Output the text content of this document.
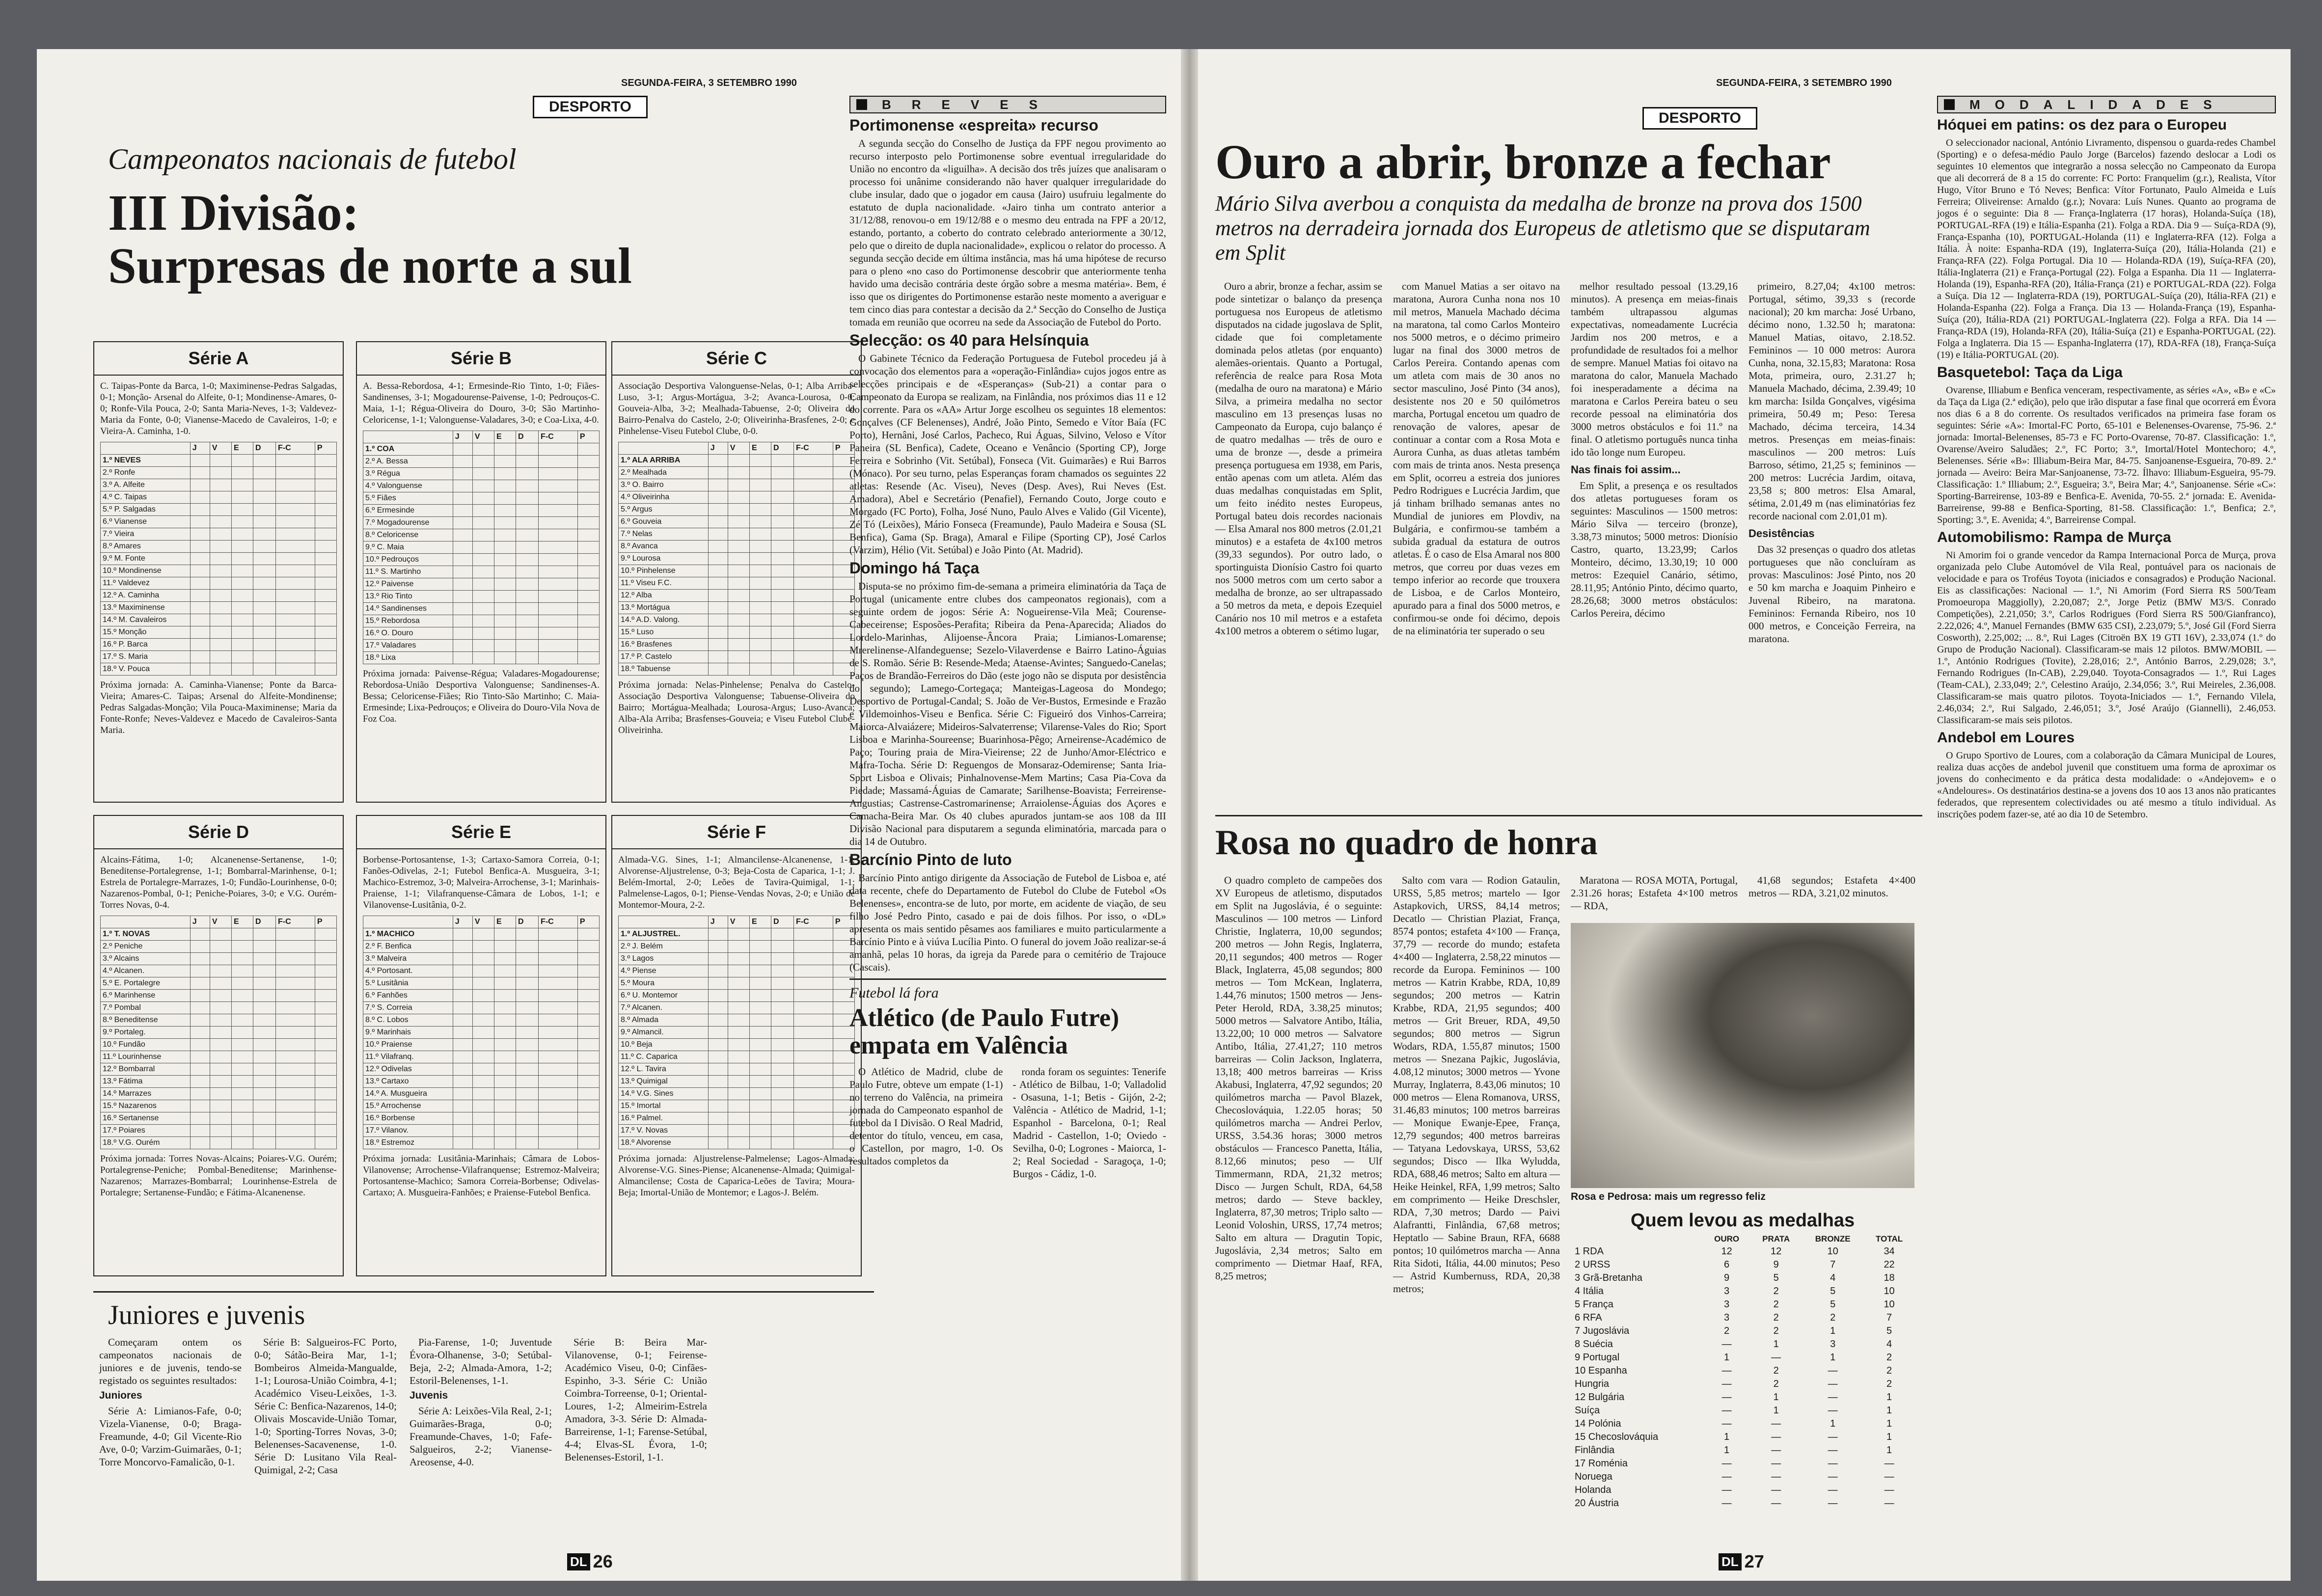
SEGUNDA-FEIRA, 3 SETEMBRO 1990
DESPORTO
Campeonatos nacionais de futebol
III Divisão:
Surpresas de norte a sul
Série A

C. Taipas-Ponte da Barca, 1-0; Maximinense-Pedras Salgadas, 0-1; Monção- Arsenal do Alfeite, 0-1; Mondinense-Amares, 0-0; Ronfe-Vila Pouca, 2-0; Santa Maria-Neves, 1-3; Valdevez-Maria da Fonte, 0-0; Vianense-Macedo de Cavaleiros, 1-0; e Vieira-A. Caminha, 1-0.

	J	V	E	D	F-C	P
1.º NEVES						
2.º Ronfe						
3.º A. Alfeite						
4.º C. Taipas						
5.º P. Salgadas						
6.º Vianense						
7.º Vieira						
8.º Amares						
9.º M. Fonte						
10.º Mondinense						
11.º Valdevez						
12.º A. Caminha						
13.º Maximinense						
14.º M. Cavaleiros						
15.º Monção						
16.º P. Barca						
17.º S. Maria						
18.º V. Pouca						

Próxima jornada: A. Caminha-Vianense; Ponte da Barca-Vieira; Amares-C. Taipas; Arsenal do Alfeite-Mondinense; Pedras Salgadas-Monção; Vila Pouca-Maximinense; Maria da Fonte-Ronfe; Neves-Valdevez e Macedo de Cavaleiros-Santa Maria.

Série B

A. Bessa-Rebordosa, 4-1; Ermesinde-Rio Tinto, 1-0; Fiães-Sandinenses, 3-1; Mogadourense-Paivense, 1-0; Pedrouços-C. Maia, 1-1; Régua-Oliveira do Douro, 3-0; São Martinho-Celoricense, 1-1; Valonguense-Valadares, 3-0; e Coa-Lixa, 4-0.

	J	V	E	D	F-C	P
1.º COA						
2.º A. Bessa						
3.º Régua						
4.º Valonguense						
5.º Fiães						
6.º Ermesinde						
7.º Mogadourense						
8.º Celoricense						
9.º C. Maia						
10.º Pedrouços						
11.º S. Martinho						
12.º Paivense						
13.º Rio Tinto						
14.º Sandinenses						
15.º Rebordosa						
16.º O. Douro						
17.º Valadares						
18.º Lixa						

Próxima jornada: Paivense-Régua; Valadares-Mogadourense; Rebordosa-União Desportiva Valonguense; Sandinenses-A. Bessa; Celoricense-Fiães; Rio Tinto-São Martinho; C. Maia-Ermesinde; Lixa-Pedrouços; e Oliveira do Douro-Vila Nova de Foz Coa.

Série C

Associação Desportiva Valonguense-Nelas, 0-1; Alba Arriba-Luso, 3-1; Argus-Mortágua, 3-2; Avanca-Lourosa, 0-0; Gouveia-Alba, 3-2; Mealhada-Tabuense, 2-0; Oliveira do Bairro-Penalva do Castelo, 2-0; Oliveirinha-Brasfenes, 2-0; e Pinhelense-Viseu Futebol Clube, 0-0.

	J	V	E	D	F-C	P
1.º ALA ARRIBA						
2.º Mealhada						
3.º O. Bairro						
4.º Oliveirinha						
5.º Argus						
6.º Gouveia						
7.º Nelas						
8.º Avanca						
9.º Lourosa						
10.º Pinhelense						
11.º Viseu F.C.						
12.º Alba						
13.º Mortágua						
14.º A.D. Valong.						
15.º Luso						
16.º Brasfenes						
17.º P. Castelo						
18.º Tabuense						

Próxima jornada: Nelas-Pinhelense; Penalva do Castelo-Associação Desportiva Valonguense; Tabuense-Oliveira do Bairro; Mortágua-Mealhada; Lourosa-Argus; Luso-Avanca; Alba-Ala Arriba; Brasfenses-Gouveia; e Viseu Futebol Clube-Oliveirinha.

Série D

Alcains-Fátima, 1-0; Alcanenense-Sertanense, 1-0; Beneditense-Portalegrense, 1-1; Bombarral-Marinhense, 0-1; Estrela de Portalegre-Marrazes, 1-0; Fundão-Lourinhense, 0-0; Nazarenos-Pombal, 0-1; Peniche-Poiares, 3-0; e V.G. Ourém-Torres Novas, 0-4.

	J	V	E	D	F-C	P
1.º T. NOVAS						
2.º Peniche						
3.º Alcains						
4.º Alcanen.						
5.º E. Portalegre						
6.º Marinhense						
7.º Pombal						
8.º Beneditense						
9.º Portaleg.						
10.º Fundão						
11.º Lourinhense						
12.º Bombarral						
13.º Fátima						
14.º Marrazes						
15.º Nazarenos						
16.º Sertanense						
17.º Poiares						
18.º V.G. Ourém						

Próxima jornada: Torres Novas-Alcains; Poiares-V.G. Ourém; Portalegrense-Peniche; Pombal-Beneditense; Marinhense-Nazarenos; Marrazes-Bombarral; Lourinhense-Estrela de Portalegre; Sertanense-Fundão; e Fátima-Alcanenense.

Série E

Borbense-Portosantense, 1-3; Cartaxo-Samora Correia, 0-1; Fanões-Odivelas, 2-1; Futebol Benfica-A. Musgueira, 3-1; Machico-Estremoz, 3-0; Malveira-Arrochense, 3-1; Marinhais-Praiense, 1-1; Vilafranquense-Câmara de Lobos, 1-1; e Vilanovense-Lusitânia, 0-2.

	J	V	E	D	F-C	P
1.º MACHICO						
2.º F. Benfica						
3.º Malveira						
4.º Portosant.						
5.º Lusitânia						
6.º Fanhões						
7.º S. Correia						
8.º C. Lobos						
9.º Marinhais						
10.º Praiense						
11.º Vilafranq.						
12.º Odivelas						
13.º Cartaxo						
14.º A. Musgueira						
15.º Arrochense						
16.º Borbense						
17.º Vilanov.						
18.º Estremoz						

Próxima jornada: Lusitânia-Marinhais; Câmara de Lobos-Vilanovense; Arrochense-Vilafranquense; Estremoz-Malveira; Portosantense-Machico; Samora Correia-Borbense; Odivelas-Cartaxo; A. Musgueira-Fanhões; e Praiense-Futebol Benfica.

Série F

Almada-V.G. Sines, 1-1; Almancilense-Alcanenense, 1-1; Alvorense-Aljustrelense, 0-3; Beja-Costa de Caparica, 1-1; J. Belém-Imortal, 2-0; Leões de Tavira-Quimigal, 1-1; Palmelense-Lagos, 0-1; Piense-Vendas Novas, 2-0; e União de Montemor-Moura, 2-2.

	J	V	E	D	F-C	P
1.º ALJUSTREL.						
2.º J. Belém						
3.º Lagos						
4.º Piense						
5.º Moura						
6.º U. Montemor						
7.º Alcanen.						
8.º Almada						
9.º Almancil.						
10.º Beja						
11.º C. Caparica						
12.º L. Tavira						
13.º Quimigal						
14.º V.G. Sines						
15.º Imortal						
16.º Palmel.						
17.º V. Novas						
18.º Alvorense						

Próxima jornada: Aljustrelense-Palmelense; Lagos-Almada; Alvorense-V.G. Sines-Piense; Alcanenense-Almada; Quimigal-Almancilense; Costa de Caparica-Leões de Tavira; Moura-Beja; Imortal-União de Montemor; e Lagos-J. Belém.

Juniores e juvenis

Começaram ontem os campeonatos nacionais de juniores e de juvenis, tendo-se registado os seguintes resultados:

Juniores

Série A: Limianos-Fafe, 0-0; Vizela-Vianense, 0-0; Braga-Freamunde, 4-0; Gil Vicente-Rio Ave, 0-0; Varzim-Guimarães, 0-1; Torre Moncorvo-Famalicão, 0-1.

Série B: Salgueiros-FC Porto, 0-0; Sátão-Beira Mar, 1-1; Bombeiros Almeida-Mangualde, 1-1; Lourosa-União Coimbra, 4-1; Académico Viseu-Leixões, 1-3. Série C: Benfica-Nazarenos, 14-0; Olivais Moscavide-União Tomar, 1-0; Sporting-Torres Novas, 3-0; Belenenses-Sacavenense, 1-0. Série D: Lusitano Vila Real-Quimigal, 2-2; Casa

Pia-Farense, 1-0; Juventude Évora-Olhanense, 3-0; Setúbal-Beja, 2-2; Almada-Amora, 1-2; Estoril-Belenenses, 1-1.

Juvenis

Série A: Leixões-Vila Real, 2-1; Guimarães-Braga, 0-0; Freamunde-Chaves, 1-0; Fafe-Salgueiros, 2-2; Vianense-Areosense, 4-0.

Série B: Beira Mar-Vilanovense, 0-1; Feirense-Académico Viseu, 0-0; Cinfães-Espinho, 3-3. Série C: União Coimbra-Torreense, 0-1; Oriental-Loures, 1-2; Almeirim-Estrela Amadora, 3-3. Série D: Almada-Barreirense, 1-1; Farense-Setúbal, 4-4; Elvas-SL Évora, 1-0; Belenenses-Estoril, 1-1.

BREVES
Portimonense «espreita» recurso

A segunda secção do Conselho de Justiça da FPF negou provimento ao recurso interposto pelo Portimonense sobre eventual irregularidade do União no encontro da «liguilha». A decisão dos três juízes que analisaram o processo foi unânime considerando não haver qualquer irregularidade do clube insular, dado que o jogador em causa (Jairo) usufruiu legalmente do estatuto de dupla nacionalidade. «Jairo tinha um contrato anterior a 31/12/88, renovou-o em 19/12/88 e o mesmo deu entrada na FPF a 20/12, estando, portanto, a coberto do contrato celebrado anteriormente a 30/12, pelo que o direito de dupla nacionalidade», explicou o relator do processo. A segunda secção decide em última instância, mas há uma hipótese de recurso para o pleno «no caso do Portimonense descobrir que anteriormente tenha havido uma decisão contrária deste órgão sobre a mesma matéria». Bem, é isso que os dirigentes do Portimonense estarão neste momento a averiguar e tem cinco dias para contestar a decisão da 2.ª Secção do Conselho de Justiça tomada em reunião que ocorreu na sede da Associação de Futebol do Porto.

Selecção: os 40 para Helsínquia

O Gabinete Técnico da Federação Portuguesa de Futebol procedeu já à convocação dos elementos para a «operação-Finlândia» cujos jogos entre as selecções principais e de «Esperanças» (Sub-21) a contar para o Campeonato da Europa se realizam, na Finlândia, nos próximos dias 11 e 12 do corrente. Para os «AA» Artur Jorge escolheu os seguintes 18 elementos: Gonçalves (CF Belenenses), André, João Pinto, Semedo e Vítor Baía (FC Porto), Hernâni, José Carlos, Pacheco, Rui Águas, Silvino, Veloso e Vítor Paneira (SL Benfica), Cadete, Oceano e Venâncio (Sporting CP), Jorge Ferreira e Sobrinho (Vit. Setúbal), Fonseca (Vit. Guimarães) e Rui Barros (Mónaco). Por seu turno, pelas Esperanças foram chamados os seguintes 22 atletas: Resende (Ac. Viseu), Neves (Desp. Aves), Rui Neves (Est. Amadora), Abel e Secretário (Penafiel), Fernando Couto, Jorge couto e Morgado (FC Porto), Folha, José Nuno, Paulo Alves e Valido (Gil Vicente), Zé Tó (Leixões), Mário Fonseca (Freamunde), Paulo Madeira e Sousa (SL Benfica), Gama (Sp. Braga), Amaral e Filipe (Sporting CP), José Carlos (Varzim), Hélio (Vit. Setúbal) e João Pinto (At. Madrid).

Domingo há Taça

Disputa-se no próximo fim-de-semana a primeira eliminatória da Taça de Portugal (unicamente entre clubes dos campeonatos regionais), com a seguinte ordem de jogos: Série A: Nogueirense-Vila Meã; Courense-Cabeceirense; Esposões-Perafita; Ribeira da Pena-Aparecida; Aliados do Lordelo-Marinhas, Alijoense-Âncora Praia; Limianos-Lomarense; Mrerelinense-Alfandeguense; Sezelo-Vilaverdense e Bairro Latino-Águias de S. Romão. Série B: Resende-Meda; Ataense-Avintes; Sanguedo-Canelas; Paços de Brandão-Ferreiros do Dão (este jogo não se disputa por desistência do segundo); Lamego-Cortegaça; Manteigas-Lageosa do Mondego; Desportivo de Portugal-Candal; S. João de Ver-Bustos, Ermesinde e Frazão e Vildemoinhos-Viseu e Benfica. Série C: Figueiró dos Vinhos-Carreira; Maiorca-Alvaiázere; Mideiros-Salvaterrense; Vilarense-Vales do Rio; Sport Lisboa e Marinha-Soureense; Buarinhosa-Pêgo; Arneirense-Académico de Paço; Touring praia de Mira-Vieirense; 22 de Junho/Amor-Eléctrico e Mafra-Tocha. Série D: Reguengos de Monsaraz-Odemirense; Santa Iria-Sport Lisboa e Olivais; Pinhalnovense-Mem Martins; Casa Pia-Cova da Piedade; Massamá-Águias de Camarate; Sarilhense-Boavista; Ferreirense-Angustias; Castrense-Castromarinense; Arraiolense-Águias dos Açores e Camacha-Beira Mar. Os 40 clubes apurados juntam-se aos 108 da III Divisão Nacional para disputarem a segunda eliminatória, marcada para o dia 14 de Outubro.

Barcínio Pinto de luto

Barcínio Pinto antigo dirigente da Associação de Futebol de Lisboa e, até data recente, chefe do Departamento de Futebol do Clube de Futebol «Os Belenenses», encontra-se de luto, por morte, em acidente de viação, de seu filho José Pedro Pinto, casado e pai de dois filhos. Por isso, o «DL» apresenta os mais sentido pêsames aos familiares e muito particularmente a Barcínio Pinto e à viúva Lucília Pinto. O funeral do jovem João realizar-se-á amanhã, pelas 10 horas, da igreja da Parede para o cemitério de Trajouce (Cascais).

Futebol lá fora
Atlético (de Paulo Futre) empata em Valência

O Atlético de Madrid, clube de Paulo Futre, obteve um empate (1-1) no terreno do Valência, na primeira jornada do Campeonato espanhol de futebol da I Divisão. O Real Madrid, detentor do título, venceu, em casa, o Castellon, por magro, 1-0. Os resultados completos da

ronda foram os seguintes: Tenerife - Atlético de Bilbau, 1-0; Valladolid - Osasuna, 1-1; Betis - Gijón, 2-2; Valência - Atlético de Madrid, 1-1; Espanhol - Barcelona, 0-1; Real Madrid - Castellon, 1-0; Oviedo - Sevilha, 0-0; Logrones - Maiorca, 1-2; Real Sociedad - Saragoça, 1-0; Burgos - Cádiz, 1-0.

DL 26
SEGUNDA-FEIRA, 3 SETEMBRO 1990
DESPORTO
Ouro a abrir, bronze a fechar
Mário Silva averbou a conquista da medalha de bronze na prova dos 1500 metros na derradeira jornada dos Europeus de atletismo que se disputaram em Split

Ouro a abrir, bronze a fechar, assim se pode sintetizar o balanço da presença portuguesa nos Europeus de atletismo disputados na cidade jugoslava de Split, cidade que foi completamente dominada pelos atletas (por enquanto) alemães-orientais. Quanto a Portugal, referência de realce para Rosa Mota (medalha de ouro na maratona) e Mário Silva, a primeira medalha no sector masculino em 13 presenças lusas no Campeonato da Europa, cujo balanço é de quatro medalhas — três de ouro e uma de bronze —, desde a primeira presença portuguesa em 1938, em Paris, então apenas com um atleta. Além das duas medalhas conquistadas em Split, um feito inédito nestes Europeus, Portugal bateu dois recordes nacionais — Elsa Amaral nos 800 metros (2.01,21 minutos) e a estafeta de 4x100 metros (39,33 segundos). Por outro lado, o sportinguista Dionísio Castro foi quarto nos 5000 metros com um certo sabor a medalha de bronze, ao ser ultrapassado a 50 metros da meta, e depois Ezequiel Canário nos 10 mil metros e a estafeta 4x100 metros a obterem o sétimo lugar,

com Manuel Matias a ser oitavo na maratona, Aurora Cunha nona nos 10 mil metros, Manuela Machado décima na maratona, tal como Carlos Monteiro nos 5000 metros, e o décimo primeiro lugar na final dos 3000 metros de Carlos Pereira. Contando apenas com um atleta com mais de 30 anos no sector masculino, José Pinto (34 anos), desistente nos 20 e 50 quilómetros marcha, Portugal encetou um quadro de renovação de valores, apesar de continuar a contar com a Rosa Mota e Aurora Cunha, as duas atletas também com mais de trinta anos. Nesta presença em Split, ocorreu a estreia dos juniores Pedro Rodrigues e Lucrécia Jardim, que já tinham brilhado semanas antes no Mundial de juniores em Plovdiv, na Bulgária, e confirmou-se também a subida gradual da estatura de outros atletas. É o caso de Elsa Amaral nos 800 metros, que correu por duas vezes em tempo inferior ao recorde que trouxera de Lisboa, e de Carlos Monteiro, apurado para a final dos 5000 metros, e confirmou-se onde foi décimo, depois de na eliminatória ter superado o seu

melhor resultado pessoal (13.29,16 minutos). A presença em meias-finais também ultrapassou algumas expectativas, nomeadamente Lucrécia Jardim nos 200 metros, e a profundidade de resultados foi a melhor de sempre. Manuel Matias foi oitavo na maratona do calor, Manuela Machado foi inesperadamente a décima na maratona e Carlos Pereira bateu o seu recorde pessoal na eliminatória dos 3000 metros obstáculos e foi 11.º na final. O atletismo português nunca tinha ido tão longe num Europeu.

Nas finais foi assim...

Em Split, a presença e os resultados dos atletas portugueses foram os seguintes: Masculinos — 1500 metros: Mário Silva — terceiro (bronze), 3.38,73 minutos; 5000 metros: Dionísio Castro, quarto, 13.23,99; Carlos Monteiro, décimo, 13.30,19; 10 000 metros: Ezequiel Canário, sétimo, 28.11,95; António Pinto, décimo quarto, 28.26,68; 3000 metros obstáculos: Carlos Pereira, décimo

primeiro, 8.27,04; 4x100 metros: Portugal, sétimo, 39,33 s (recorde nacional); 20 km marcha: José Urbano, décimo nono, 1.32.50 h; maratona: Manuel Matias, oitavo, 2.18.52. Femininos — 10 000 metros: Aurora Cunha, nona, 32.15,83; Maratona: Rosa Mota, primeira, ouro, 2.31.27 h; Manuela Machado, décima, 2.39.49; 10 km marcha: Isilda Gonçalves, vigésima primeira, 50.49 m; Peso: Teresa Machado, décima terceira, 14.34 metros. Presenças em meias-finais: masculinos — 200 metros: Luís Barroso, sétimo, 21,25 s; femininos — 200 metros: Lucrécia Jardim, oitava, 23,58 s; 800 metros: Elsa Amaral, sétima, 2.01,49 m (nas eliminatórias fez recorde nacional com 2.01,01 m).

Desistências

Das 32 presenças o quadro dos atletas portugueses que não concluíram as provas: Masculinos: José Pinto, nos 20 e 50 km marcha e Joaquim Pinheiro e Juvenal Ribeiro, na maratona. Femininos: Fernanda Ribeiro, nos 10 000 metros, e Conceição Ferreira, na maratona.

Rosa no quadro de honra

O quadro completo de campeões dos XV Europeus de atletismo, disputados em Split na Jugoslávia, é o seguinte: Masculinos — 100 metros — Linford Christie, Inglaterra, 10,00 segundos; 200 metros — John Regis, Inglaterra, 20,11 segundos; 400 metros — Roger Black, Inglaterra, 45,08 segundos; 800 metros — Tom McKean, Inglaterra, 1.44,76 minutos; 1500 metros — Jens-Peter Herold, RDA, 3.38,25 minutos; 5000 metros — Salvatore Antibo, Itália, 13.22,00; 10 000 metros — Salvatore Antibo, Itália, 27.41,27; 110 metros barreiras — Colin Jackson, Inglaterra, 13,18; 400 metros barreiras — Kriss Akabusi, Inglaterra, 47,92 segundos; 20 quilómetros marcha — Pavol Blazek, Checoslováquia, 1.22.05 horas; 50 quilómetros marcha — Andrei Perlov, URSS, 3.54.36 horas; 3000 metros obstáculos — Francesco Panetta, Itália, 8.12,66 minutos; peso — Ulf Timmermann, RDA, 21,32 metros; Disco — Jurgen Schult, RDA, 64,58 metros; dardo — Steve backley, Inglaterra, 87,30 metros; Triplo salto — Leonid Voloshin, URSS, 17,74 metros; Salto em altura — Dragutin Topic, Jugoslávia, 2,34 metros; Salto em comprimento — Dietmar Haaf, RFA, 8,25 metros;

Salto com vara — Rodion Gataulin, URSS, 5,85 metros; martelo — Igor Astapkovich, URSS, 84,14 metros; Decatlo — Christian Plaziat, França, 8574 pontos; estafeta 4×100 — França, 37,79 — recorde do mundo; estafeta 4×400 — Inglaterra, 2.58,22 minutos — recorde da Europa. Femininos — 100 metros — Katrin Krabbe, RDA, 10,89 segundos; 200 metros — Katrin Krabbe, RDA, 21,95 segundos; 400 metros — Grit Breuer, RDA, 49,50 segundos; 800 metros — Sigrun Wodars, RDA, 1.55,87 minutos; 1500 metros — Snezana Pajkic, Jugoslávia, 4.08,12 minutos; 3000 metros — Yvone Murray, Inglaterra, 8.43,06 minutos; 10 000 metros — Elena Romanova, URSS, 31.46,83 minutos; 100 metros barreiras — Monique Ewanje-Epee, França, 12,79 segundos; 400 metros barreiras — Tatyana Ledovskaya, URSS, 53,62 segundos; Disco — Ilka Wyludda, RDA, 688,46 metros; Salto em altura — Heike Heinkel, RFA, 1,99 metros; Salto em comprimento — Heike Dreschsler, RDA, 7,30 metros; Dardo — Paivi Alafrantti, Finlândia, 67,68 metros; Heptatlo — Sabine Braun, RFA, 6688 pontos; 10 quilómetros marcha — Anna Rita Sidoti, Itália, 44.00 minutos; Peso — Astrid Kumbernuss, RDA, 20,38 metros;

Maratona — ROSA MOTA, Portugal, 2.31.26 horas; Estafeta 4×100 metros — RDA,

41,68 segundos; Estafeta 4×400 metros — RDA, 3.21,02 minutos.

Rosa e Pedrosa: mais um regresso feliz
Quem levou as medalhas
	OURO	PRATA	BRONZE	TOTAL
1 RDA	12	12	10	34
2 URSS	6	9	7	22
3 Grã-Bretanha	9	5	4	18
4 Itália	3	2	5	10
5 França	3	2	5	10
6 RFA	3	2	2	7
7 Jugoslávia	2	2	1	5
8 Suécia	—	1	3	4
9 Portugal	1	—	1	2
10 Espanha	—	2	—	2
Hungria	—	2	—	2
12 Bulgária	—	1	—	1
Suíça	—	1	—	1
14 Polónia	—	—	1	1
15 Checoslováquia	1	—	—	1
Finlândia	1	—	—	1
17 Roménia	—	—	—	—
Noruega	—	—	—	—
Holanda	—	—	—	—
20 Áustria	—	—	—	—
DL 27
MODALIDADES
Hóquei em patins: os dez para o Europeu

O seleccionador nacional, António Livramento, dispensou o guarda-redes Chambel (Sporting) e o defesa-médio Paulo Jorge (Barcelos) fazendo deslocar a Lodi os seguintes 10 elementos que integrarão a nossa selecção no Campeonato da Europa que ali decorrerá de 8 a 15 do corrente: FC Porto: Franquelim (g.r.), Realista, Vítor Hugo, Vítor Bruno e Tó Neves; Benfica: Vítor Fortunato, Paulo Almeida e Luís Ferreira; Oliveirense: Arnaldo (g.r.); Novara: Luís Nunes. Quanto ao programa de jogos é o seguinte: Dia 8 — França-Inglaterra (17 horas), Holanda-Suíça (18), PORTUGAL-RFA (19) e Itália-Espanha (21). Folga a RDA. Dia 9 — Suíça-RDA (9), França-Espanha (10), PORTUGAL-Holanda (11) e Inglaterra-RFA (12). Folga a Itália. À noite: Espanha-RDA (19), Inglaterra-Suíça (20), Itália-Holanda (21) e França-RFA (22). Folga Portugal. Dia 10 — Holanda-RDA (19), Suíça-RFA (20), Itália-Inglaterra (21) e França-Portugal (22). Folga a Espanha. Dia 11 — Inglaterra-Holanda (19), Espanha-RFA (20), Itália-França (21) e PORTUGAL-RDA (22). Folga a Suíça. Dia 12 — Inglaterra-RDA (19), PORTUGAL-Suíça (20), Itália-RFA (21) e Holanda-Espanha (22). Folga a França. Dia 13 — Holanda-França (19), Espanha-Suíça (20), Itália-RDA (21) PORTUGAL-Inglaterra (22). Folga a RFA. Dia 14 — França-RDA (19), Holanda-RFA (20), Itália-Suíça (21) e Espanha-PORTUGAL (22). Folga a Inglaterra. Dia 15 — Espanha-Inglaterra (17), RDA-RFA (18), França-Suíça (19) e Itália-PORTUGAL (20).

Basquetebol: Taça da Liga

Ovarense, Illiabum e Benfica venceram, respectivamente, as séries «A», «B» e «C» da Taça da Liga (2.ª edição), pelo que irão disputar a fase final que ocorrerá em Évora nos dias 6 a 8 do corrente. Os resultados verificados na primeira fase foram os seguintes: Série «A»: Imortal-FC Porto, 65-101 e Belenenses-Ovarense, 75-96. 2.ª jornada: Imortal-Belenenses, 85-73 e FC Porto-Ovarense, 70-87. Classificação: 1.º, Ovarense/Aveiro Saludães; 2.º, FC Porto; 3.º, Imortal/Hotel Montechoro; 4.º, Belenenses. Série «B»: Illiabum-Beira Mar, 84-75. Sanjoanense-Esgueira, 70-89. 2.ª jornada — Aveiro: Beira Mar-Sanjoanense, 73-72. Ílhavo: Illiabum-Esgueira, 95-79. Classificação: 1.º Illiabum; 2.º, Esgueira; 3.º, Beira Mar; 4.º, Sanjoanense. Série «C»: Sporting-Barreirense, 103-89 e Benfica-E. Avenida, 70-55. 2.ª jornada: E. Avenida-Barreirense, 99-88 e Benfica-Sporting, 81-58. Classificação: 1.º, Benfica; 2.º, Sporting; 3.º, E. Avenida; 4.º, Barreirense Compal.

Automobilismo: Rampa de Murça

Ni Amorim foi o grande vencedor da Rampa Internacional Porca de Murça, prova organizada pelo Clube Automóvel de Vila Real, pontuável para os nacionais de velocidade e para os Troféus Toyota (iniciados e consagrados) e Produção Nacional. Eis as classificações: Nacional — 1.º, Ni Amorim (Ford Sierra RS 500/Team Promoeuropa Maggiolly), 2.20,087; 2.º, Jorge Petiz (BMW M3/S. Conrado Competições), 2.21,050; 3.º, Carlos Rodrigues (Ford Sierra RS 500/Gianfranco), 2.22,026; 4.º, Manuel Fernandes (BMW 635 CSI), 2.23,079; 5.º, José Gil (Ford Sierra Cosworth), 2.25,002; ... 8.º, Rui Lages (Citroën BX 19 GTI 16V), 2.33,074 (1.º do Grupo de Produção Nacional). Classificaram-se mais 12 pilotos. BMW/MOBIL — 1.º, António Rodrigues (Tovite), 2.28,016; 2.º, António Barros, 2.29,028; 3.º, Fernando Rodrigues (In-CAB), 2.29,040. Toyota-Consagrados — 1.º, Rui Lages (Team-CAL), 2.33,049; 2.º, Celestino Araújo, 2.34,056; 3.º, Rui Meireles, 2.36,008. Classificaram-se mais quatro pilotos. Toyota-Iniciados — 1.º, Fernando Vilela, 2.46,034; 2.º, Rui Salgado, 2.46,051; 3.º, José Araújo (Giannelli), 2.46,053. Classificaram-se mais seis pilotos.

Andebol em Loures

O Grupo Sportivo de Loures, com a colaboração da Câmara Municipal de Loures, realiza duas acções de andebol juvenil que constituem uma forma de aproximar os jovens do conhecimento e da prática desta modalidade: o «Andejovem» e o «Andeloures». Os destinatários destina-se a jovens dos 10 aos 13 anos não praticantes federados, que representem colectividades ou até mesmo a título individual. As inscrições podem fazer-se, até ao dia 10 de Setembro.
